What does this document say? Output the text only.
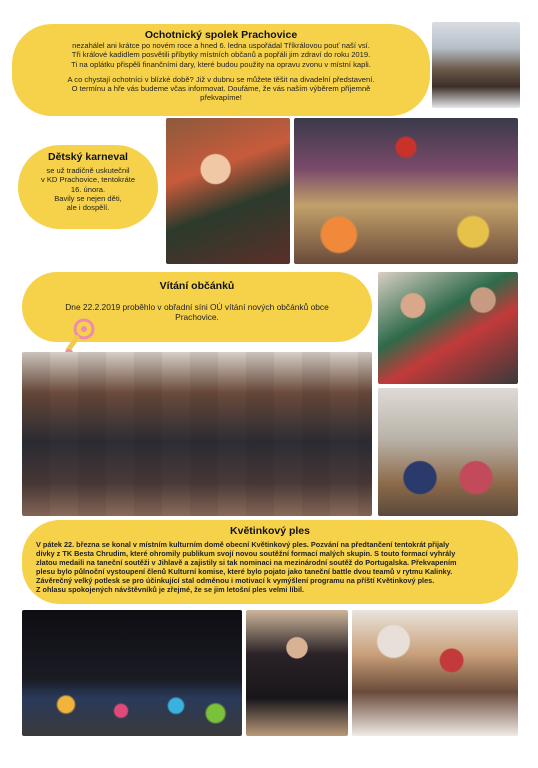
Ochotnický spolek Prachovice

nezahálel ani krátce po novém roce a hned 6. ledna uspořádal Tříkrálovou pouť naší vsí.

Tři králové kadidlem posvětili příbytky místních občanů a popřáli jim zdraví do roku 2019.

Ti na oplátku přispěli finančními dary, které budou použity na opravu zvonu v místní kapli.

A co chystají ochotníci v blízké době? Již v dubnu se můžete těšit na divadelní představení.

O termínu a hře vás budeme včas informovat. Doufáme, že vás naším výběrem příjemně

překvapíme!

Dětský karneval

se už tradičně uskutečnil

v KD Prachovice, tentokráte

16. února.

Bavily se nejen děti,

ale i dospělí.

Vítání občánků

Dne 22.2.2019 proběhlo v obřadní síni OÚ vítání nových občánků obce

Prachovice.

Květinkový ples

V pátek 22. března se konal v místním kulturním domě obecní Květinkový ples. Pozvání na předtančení tentokrát přijaly

dívky z TK Besta Chrudim, které ohromily publikum svojí novou soutěžní formací malých skupin. S touto formací vyhrály

zlatou medaili na taneční soutěži v Jihlavě a zajistily si tak nominaci na mezinárodní soutěž do Portugalska. Překvapením

plesu bylo půlnoční vystoupení členů Kulturní komise, které bylo pojato jako taneční battle dvou teamů v rytmu Kalinky.

Závěrečný velký potlesk se pro účinkující stal odměnou i motivací k vymýšlení programu na příští Květinkový ples.

Z ohlasu spokojených návštěvníků je zřejmé, že se jim letošní ples velmi líbil.
